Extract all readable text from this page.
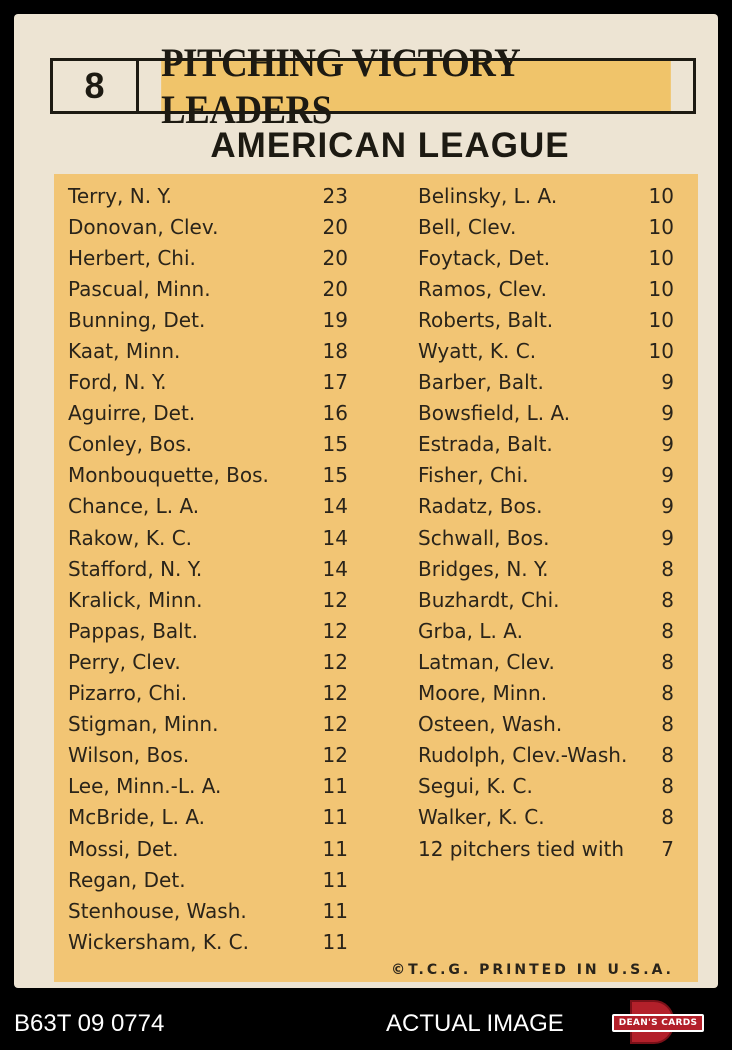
8
PITCHING VICTORY LEADERS
AMERICAN LEAGUE
Terry, N. Y.	23
Donovan, Clev.	20
Herbert, Chi.	20
Pascual, Minn.	20
Bunning, Det.	19
Kaat, Minn.	18
Ford, N. Y.	17
Aguirre, Det.	16
Conley, Bos.	15
Monbouquette, Bos.	15
Chance, L. A.	14
Rakow, K. C.	14
Stafford, N. Y.	14
Kralick, Minn.	12
Pappas, Balt.	12
Perry, Clev.	12
Pizarro, Chi.	12
Stigman, Minn.	12
Wilson, Bos.	12
Lee, Minn.-L. A.	11
McBride, L. A.	11
Mossi, Det.	11
Regan, Det.	11
Stenhouse, Wash.	11
Wickersham, K. C.	11
Belinsky, L. A.	10
Bell, Clev.	10
Foytack, Det.	10
Ramos, Clev.	10
Roberts, Balt.	10
Wyatt, K. C.	10
Barber, Balt.	9
Bowsfield, L. A.	9
Estrada, Balt.	9
Fisher, Chi.	9
Radatz, Bos.	9
Schwall, Bos.	9
Bridges, N. Y.	8
Buzhardt, Chi.	8
Grba, L. A.	8
Latman, Clev.	8
Moore, Minn.	8
Osteen, Wash.	8
Rudolph, Clev.-Wash. 8
Segui, K. C.	8
Walker, K. C.	8
12 pitchers tied with 7
©T.C.G. PRINTED IN U.S.A.
B63T 09 0774	ACTUAL IMAGE	DEAN'S CARDS
